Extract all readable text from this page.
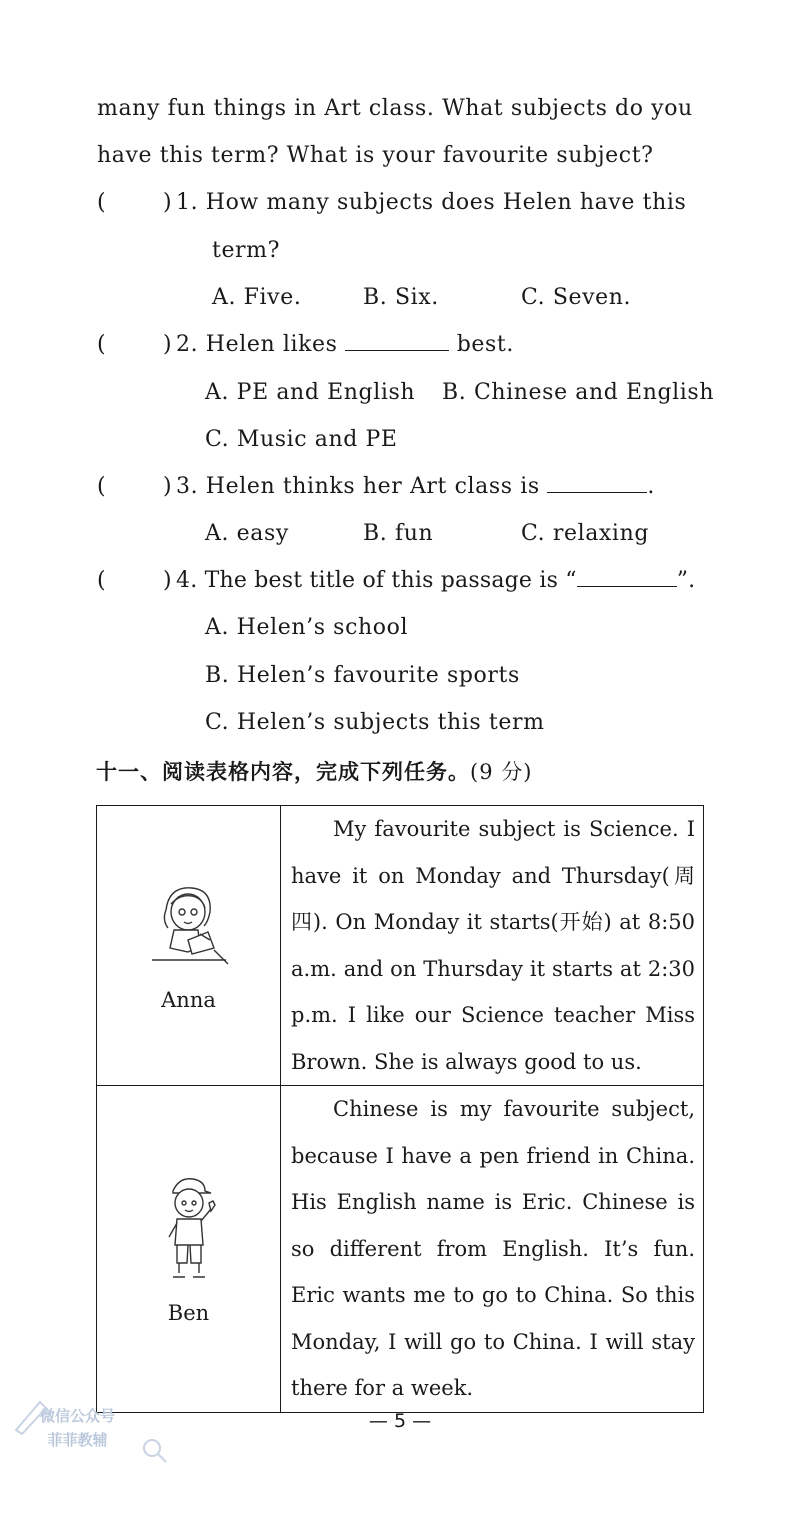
many fun things in Art class. What subjects do you
have this term? What is your favourite subject?
(	) 1. How many subjects does Helen have this
term?
A. Five.	B. Six.	C. Seven.
(	) 2. Helen likes	best.
A. PE and English B. Chinese and English
C. Music and PE
(	) 3. Helen thinks her Art class is	.
A. easy	B. fun	C. relaxing
(	) 4. The best title of this passage is “	”.
A. Helen’s school
B. Helen’s favourite sports
C. Helen’s subjects this term
十一、阅读表格内容，完成下列任务。(9 分)
Anna	My favourite subject is Science. I have it on Monday and Thursday(周四). On Monday it starts(开始) at 8:50 a.m. and on Thursday it starts at 2:30 p.m. I like our Science teacher Miss Brown. She is always good to us.

Ben	Chinese is my favourite subject, because I have a pen friend in China. His English name is Eric. Chinese is so different from English. It’s fun. Eric wants me to go to China. So this Monday, I will go to China. I will stay there for a week.

微信公众号
菲菲教辅
— 5 —
